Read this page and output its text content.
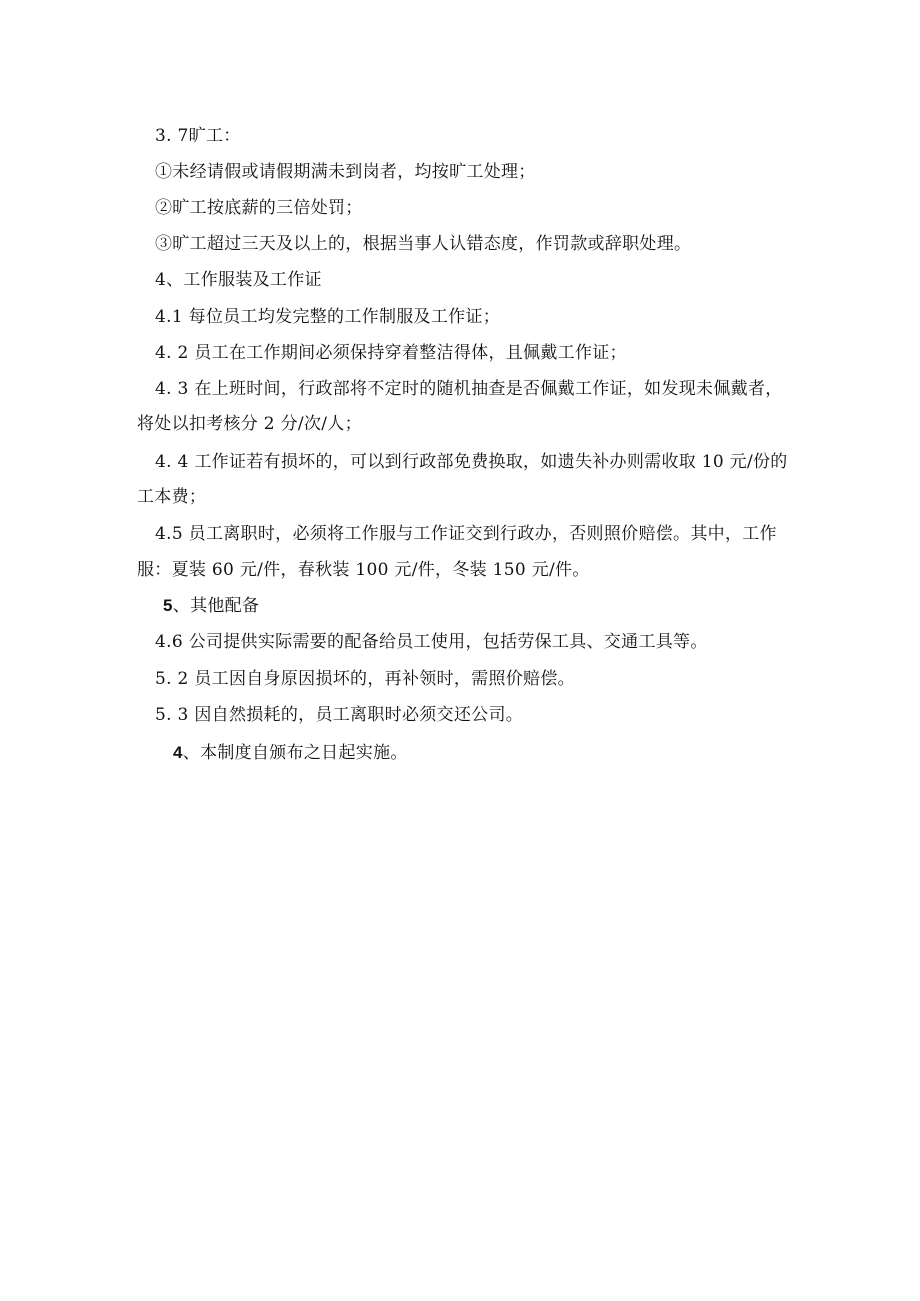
3. 7旷工：
①未经请假或请假期满未到岗者，均按旷工处理；
②旷工按底薪的三倍处罚；
③旷工超过三天及以上的，根据当事人认错态度，作罚款或辞职处理。
4、工作服装及工作证
4.1 每位员工均发完整的工作制服及工作证；
4. 2 员工在工作期间必须保持穿着整洁得体，且佩戴工作证；
4. 3 在上班时间，行政部将不定时的随机抽查是否佩戴工作证，如发现未佩戴者，
将处以扣考核分 2 分/次/人；
4. 4 工作证若有损坏的，可以到行政部免费换取，如遗失补办则需收取 10 元/份的
工本费；
4.5 员工离职时，必须将工作服与工作证交到行政办，否则照价赔偿。其中，工作
服：夏装 60 元/件，春秋装 100 元/件，冬装 150 元/件。
5、其他配备
4.6 公司提供实际需要的配备给员工使用，包括劳保工具、交通工具等。
5. 2 员工因自身原因损坏的，再补领时，需照价赔偿。
5. 3 因自然损耗的，员工离职时必须交还公司。
4、本制度自颁布之日起实施。
